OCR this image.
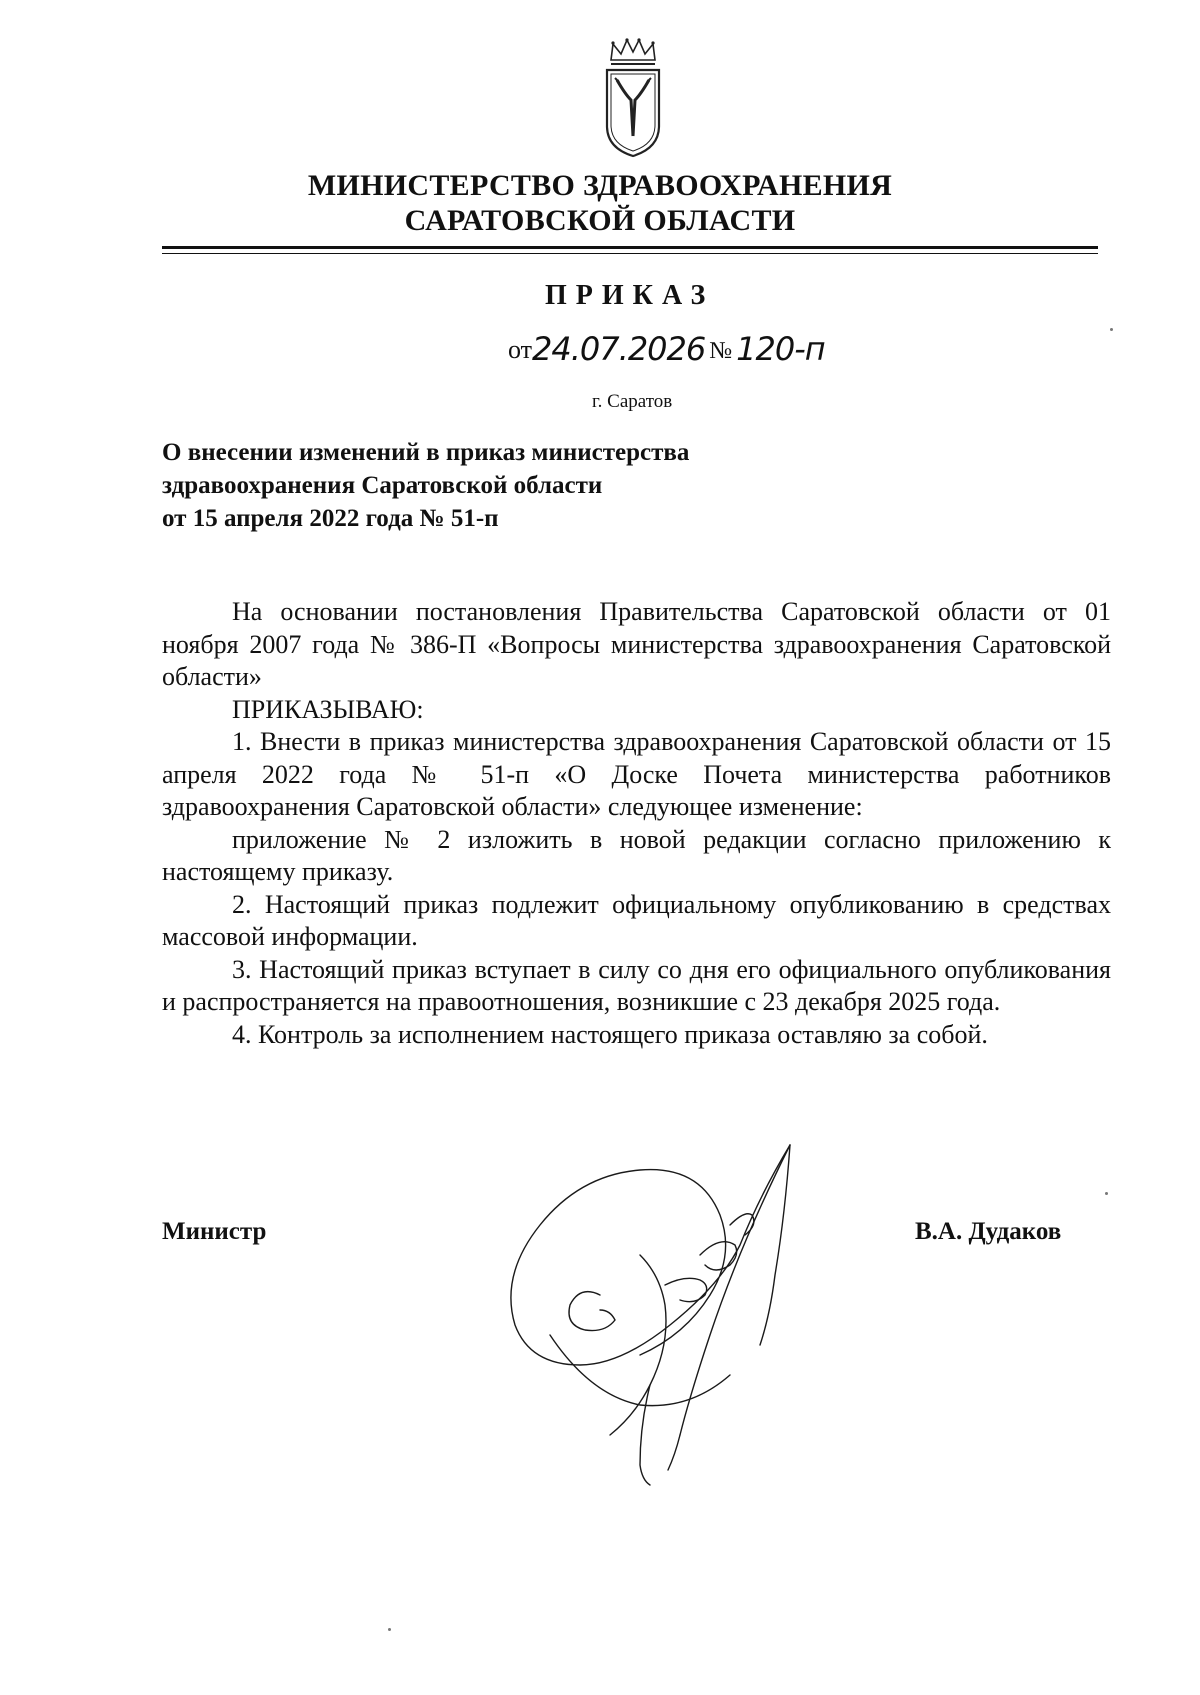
МИНИСТЕРСТВО ЗДРАВООХРАНЕНИЯ
САРАТОВСКОЙ ОБЛАСТИ
ПРИКАЗ
от24.07.2026 № 120-п
г. Саратов
О внесении изменений в приказ министерства
здравоохранения Саратовской области
от 15 апреля 2022 года № 51-п

На основании постановления Правительства Саратовской области от 01 ноября 2007 года № 386-П «Вопросы министерства здравоохранения Саратовской области»

ПРИКАЗЫВАЮ:

1. Внести в приказ министерства здравоохранения Саратовской области от 15 апреля 2022 года № 51-п «О Доске Почета министерства работников здравоохранения Саратовской области» следующее изменение:

приложение № 2 изложить в новой редакции согласно приложению к настоящему приказу.

2. Настоящий приказ подлежит официальному опубликованию в средствах массовой информации.

3. Настоящий приказ вступает в силу со дня его официального опубликования и распространяется на правоотношения, возникшие с 23 декабря 2025 года.

4. Контроль за исполнением настоящего приказа оставляю за собой.

Министр	В.А. Дудаков
